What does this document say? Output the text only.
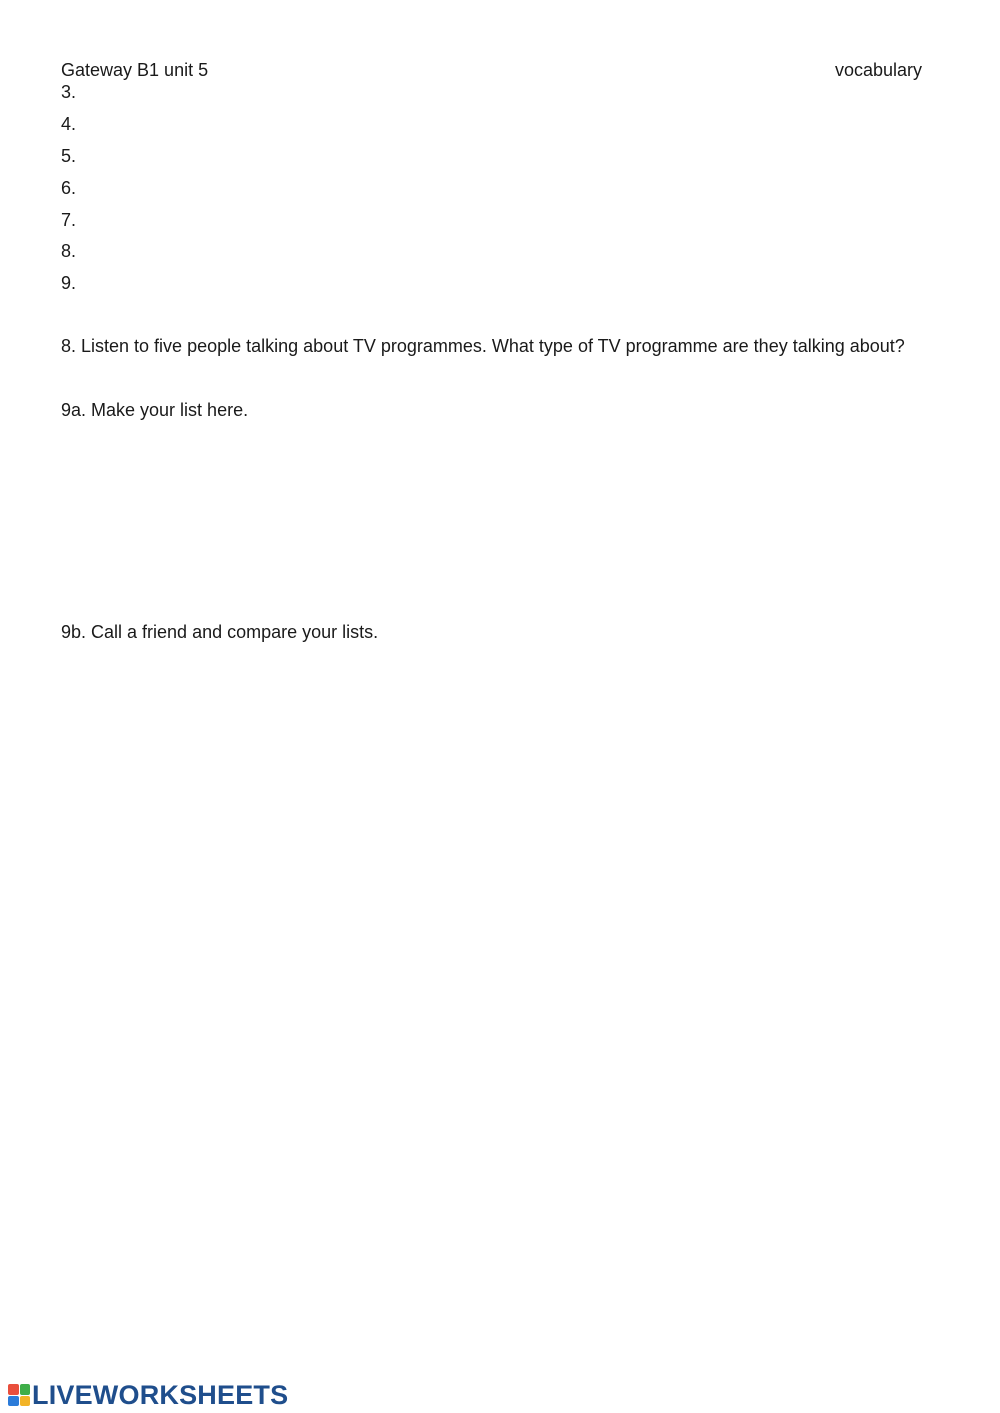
Gateway B1 unit 5	vocabulary
3.
4.
5.
6.
7.
8.
9.
8. Listen to five people talking about TV programmes. What type of TV programme are they talking about?
9a. Make your list here.
9b. Call a friend and compare your lists.
LIVEWORKSHEETS
